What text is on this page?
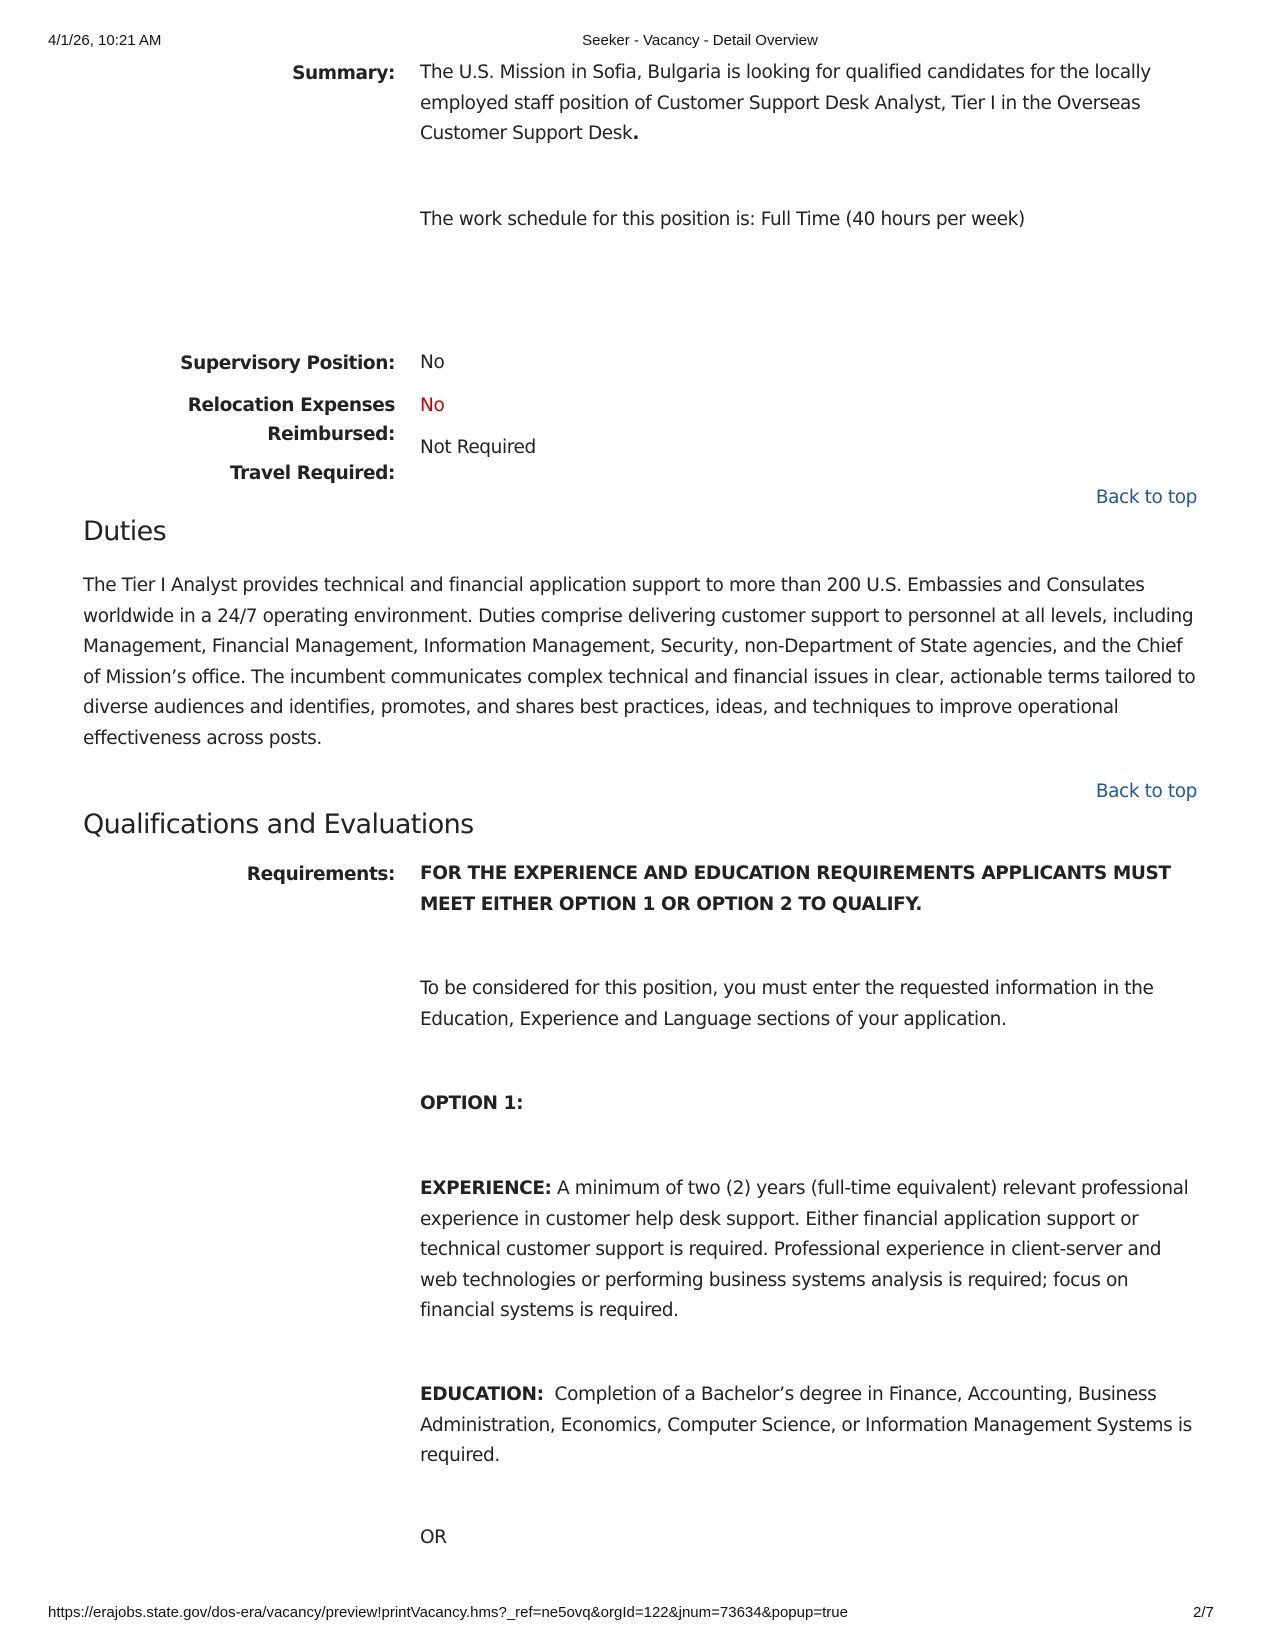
4/1/26, 10:21 AM	Seeker - Vacancy - Detail Overview
Summary: The U.S. Mission in Sofia, Bulgaria is looking for qualified candidates for the locally employed staff position of Customer Support Desk Analyst, Tier I in the Overseas Customer Support Desk.
The work schedule for this position is: Full Time (40 hours per week)
Supervisory Position: No
Relocation Expenses
Reimbursed:
No
Travel Required:
Not Required
Back to top
Duties
The Tier I Analyst provides technical and financial application support to more than 200 U.S. Embassies and Consulates worldwide in a 24/7 operating environment. Duties comprise delivering customer support to personnel at all levels, including Management, Financial Management, Information Management, Security, non-Department of State agencies, and the Chief of Mission’s office. The incumbent communicates complex technical and financial issues in clear, actionable terms tailored to diverse audiences and identifies, promotes, and shares best practices, ideas, and techniques to improve operational effectiveness across posts.
Back to top
Qualifications and Evaluations
Requirements: FOR THE EXPERIENCE AND EDUCATION REQUIREMENTS APPLICANTS MUST MEET EITHER OPTION 1 OR OPTION 2 TO QUALIFY.
To be considered for this position, you must enter the requested information in the Education, Experience and Language sections of your application.
OPTION 1:
EXPERIENCE: A minimum of two (2) years (full-time equivalent) relevant professional experience in customer help desk support. Either financial application support or technical customer support is required. Professional experience in client-server and web technologies or performing business systems analysis is required; focus on financial systems is required.
EDUCATION:  Completion of a Bachelor’s degree in Finance, Accounting, Business Administration, Economics, Computer Science, or Information Management Systems is required.
OR
https://erajobs.state.gov/dos-era/vacancy/preview!printVacancy.hms?_ref=ne5ovq&orgId=122&jnum=73634&popup=true	2/7
